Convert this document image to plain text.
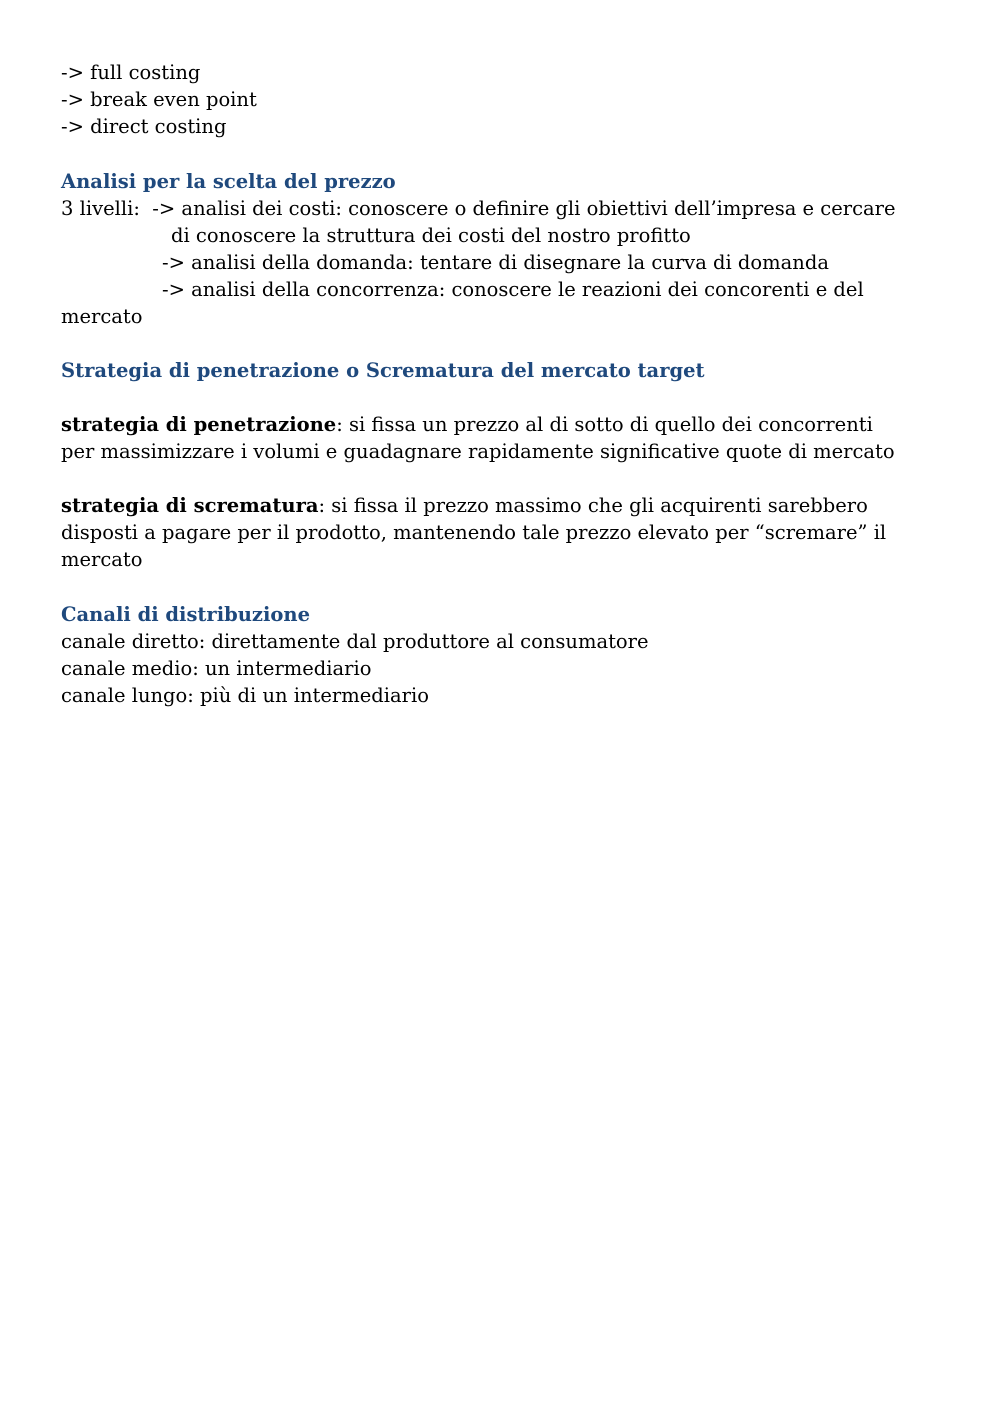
-> full costing
-> break even point
-> direct costing
Analisi per la scelta del prezzo
3 livelli:  -> analisi dei costi: conoscere o definire gli obiettivi dell’impresa e cercare
di conoscere la struttura dei costi del nostro profitto
-> analisi della domanda: tentare di disegnare la curva di domanda
-> analisi della concorrenza: conoscere le reazioni dei concorenti e del
mercato
Strategia di penetrazione o Scrematura del mercato target
strategia di penetrazione: si fissa un prezzo al di sotto di quello dei concorrenti
per massimizzare i volumi e guadagnare rapidamente significative quote di mercato
strategia di scrematura: si fissa il prezzo massimo che gli acquirenti sarebbero
disposti a pagare per il prodotto, mantenendo tale prezzo elevato per “scremare” il
mercato
Canali di distribuzione
canale diretto: direttamente dal produttore al consumatore
canale medio: un intermediario
canale lungo: più di un intermediario
